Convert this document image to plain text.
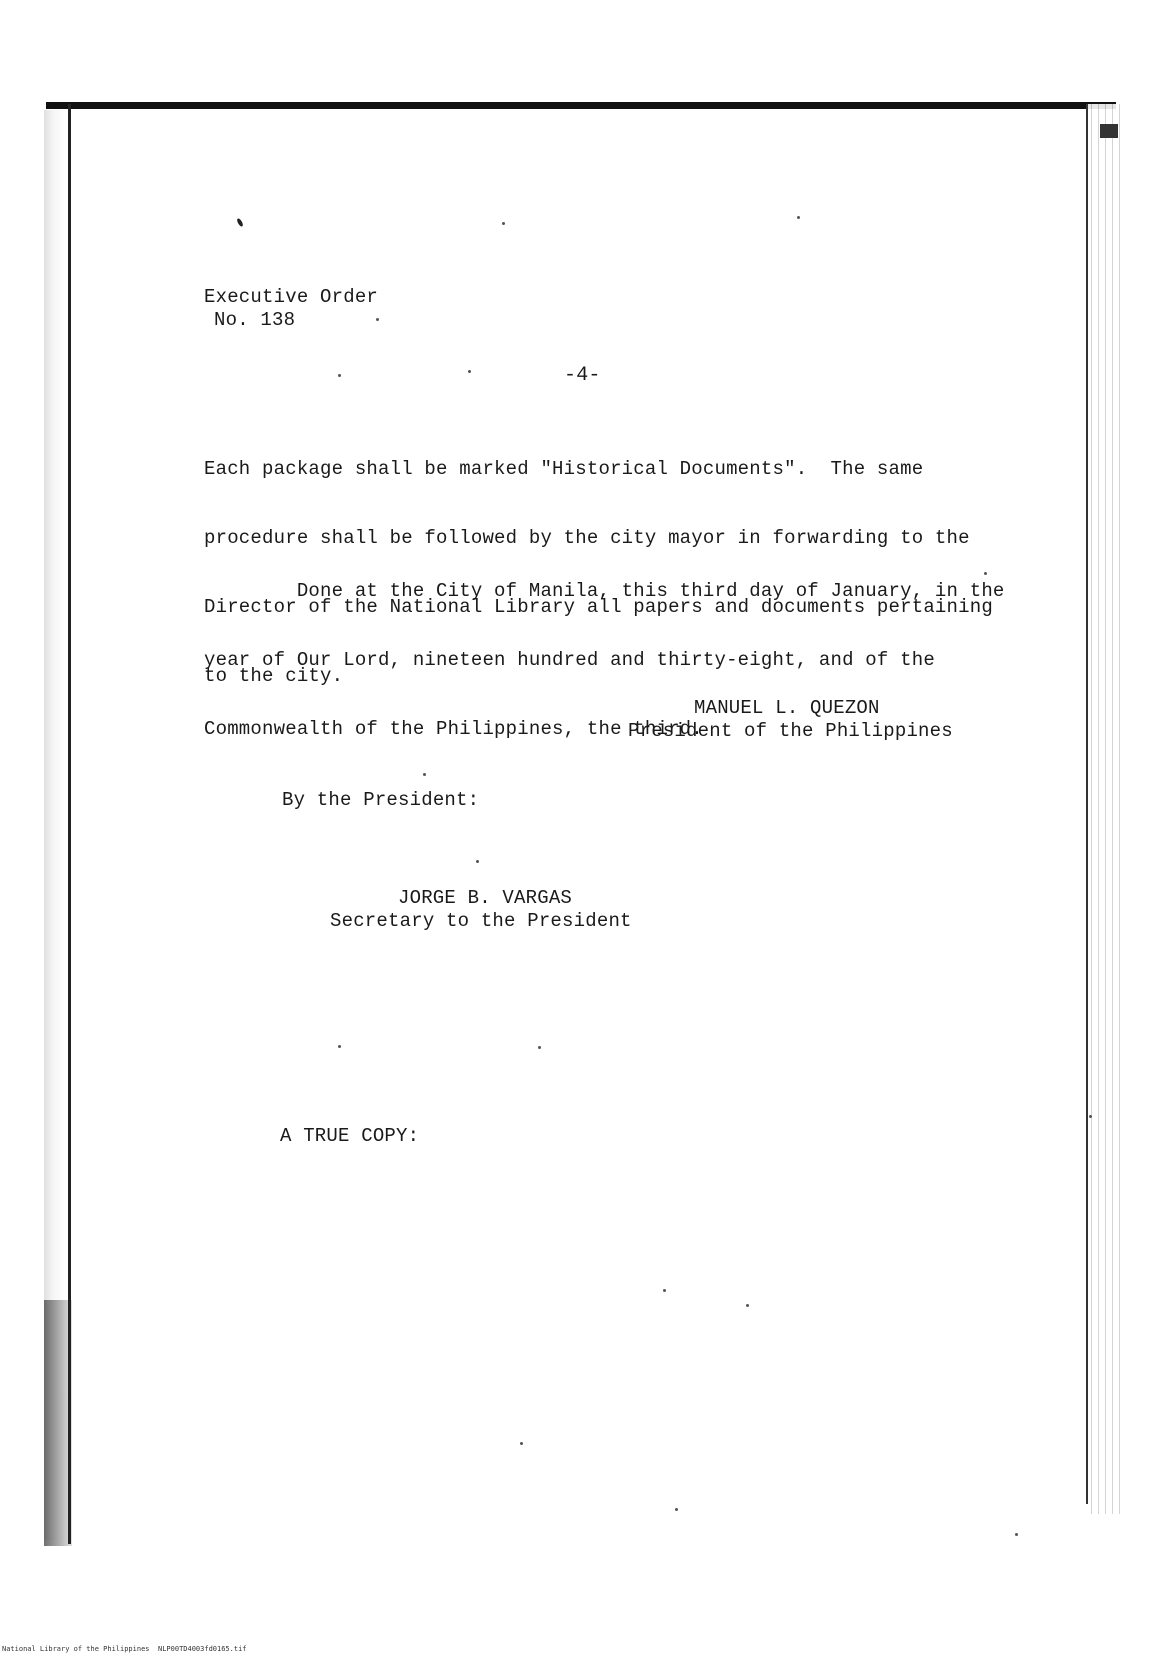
Executive Order
No. 138
-4-

Each package shall be marked "Historical Documents".  The same

procedure shall be followed by the city mayor in forwarding to the

Director of the National Library all papers and documents pertaining

to the city.

Done at the City of Manila, this third day of January, in the

year of Our Lord, nineteen hundred and thirty-eight, and of the

Commonwealth of the Philippines, the third.

MANUEL L. QUEZON
President of the Philippines
By the President:
JORGE B. VARGAS
Secretary to the President
A TRUE COPY:
National Library of the Philippines NLP00TD4003fd0165.tif
